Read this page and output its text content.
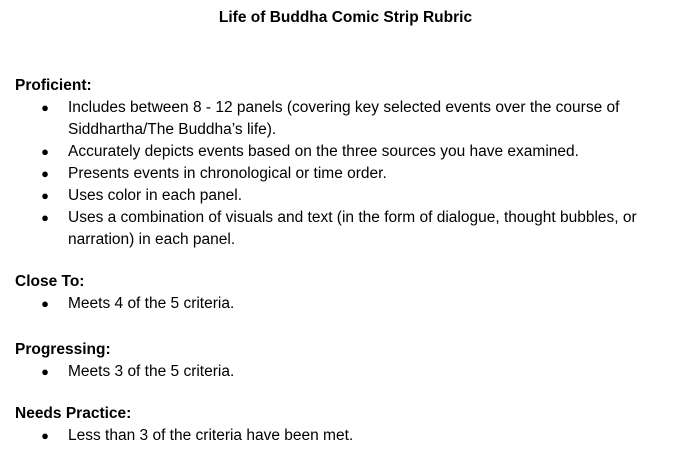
Life of Buddha Comic Strip Rubric
Proficient:
● Includes between 8 - 12 panels (covering key selected events over the course of Siddhartha/The Buddha’s life).
● Accurately depicts events based on the three sources you have examined.
● Presents events in chronological or time order.
● Uses color in each panel.
● Uses a combination of visuals and text (in the form of dialogue, thought bubbles, or narration) in each panel.
Close To:
● Meets 4 of the 5 criteria.
Progressing:
● Meets 3 of the 5 criteria.
Needs Practice:
● Less than 3 of the criteria have been met.
